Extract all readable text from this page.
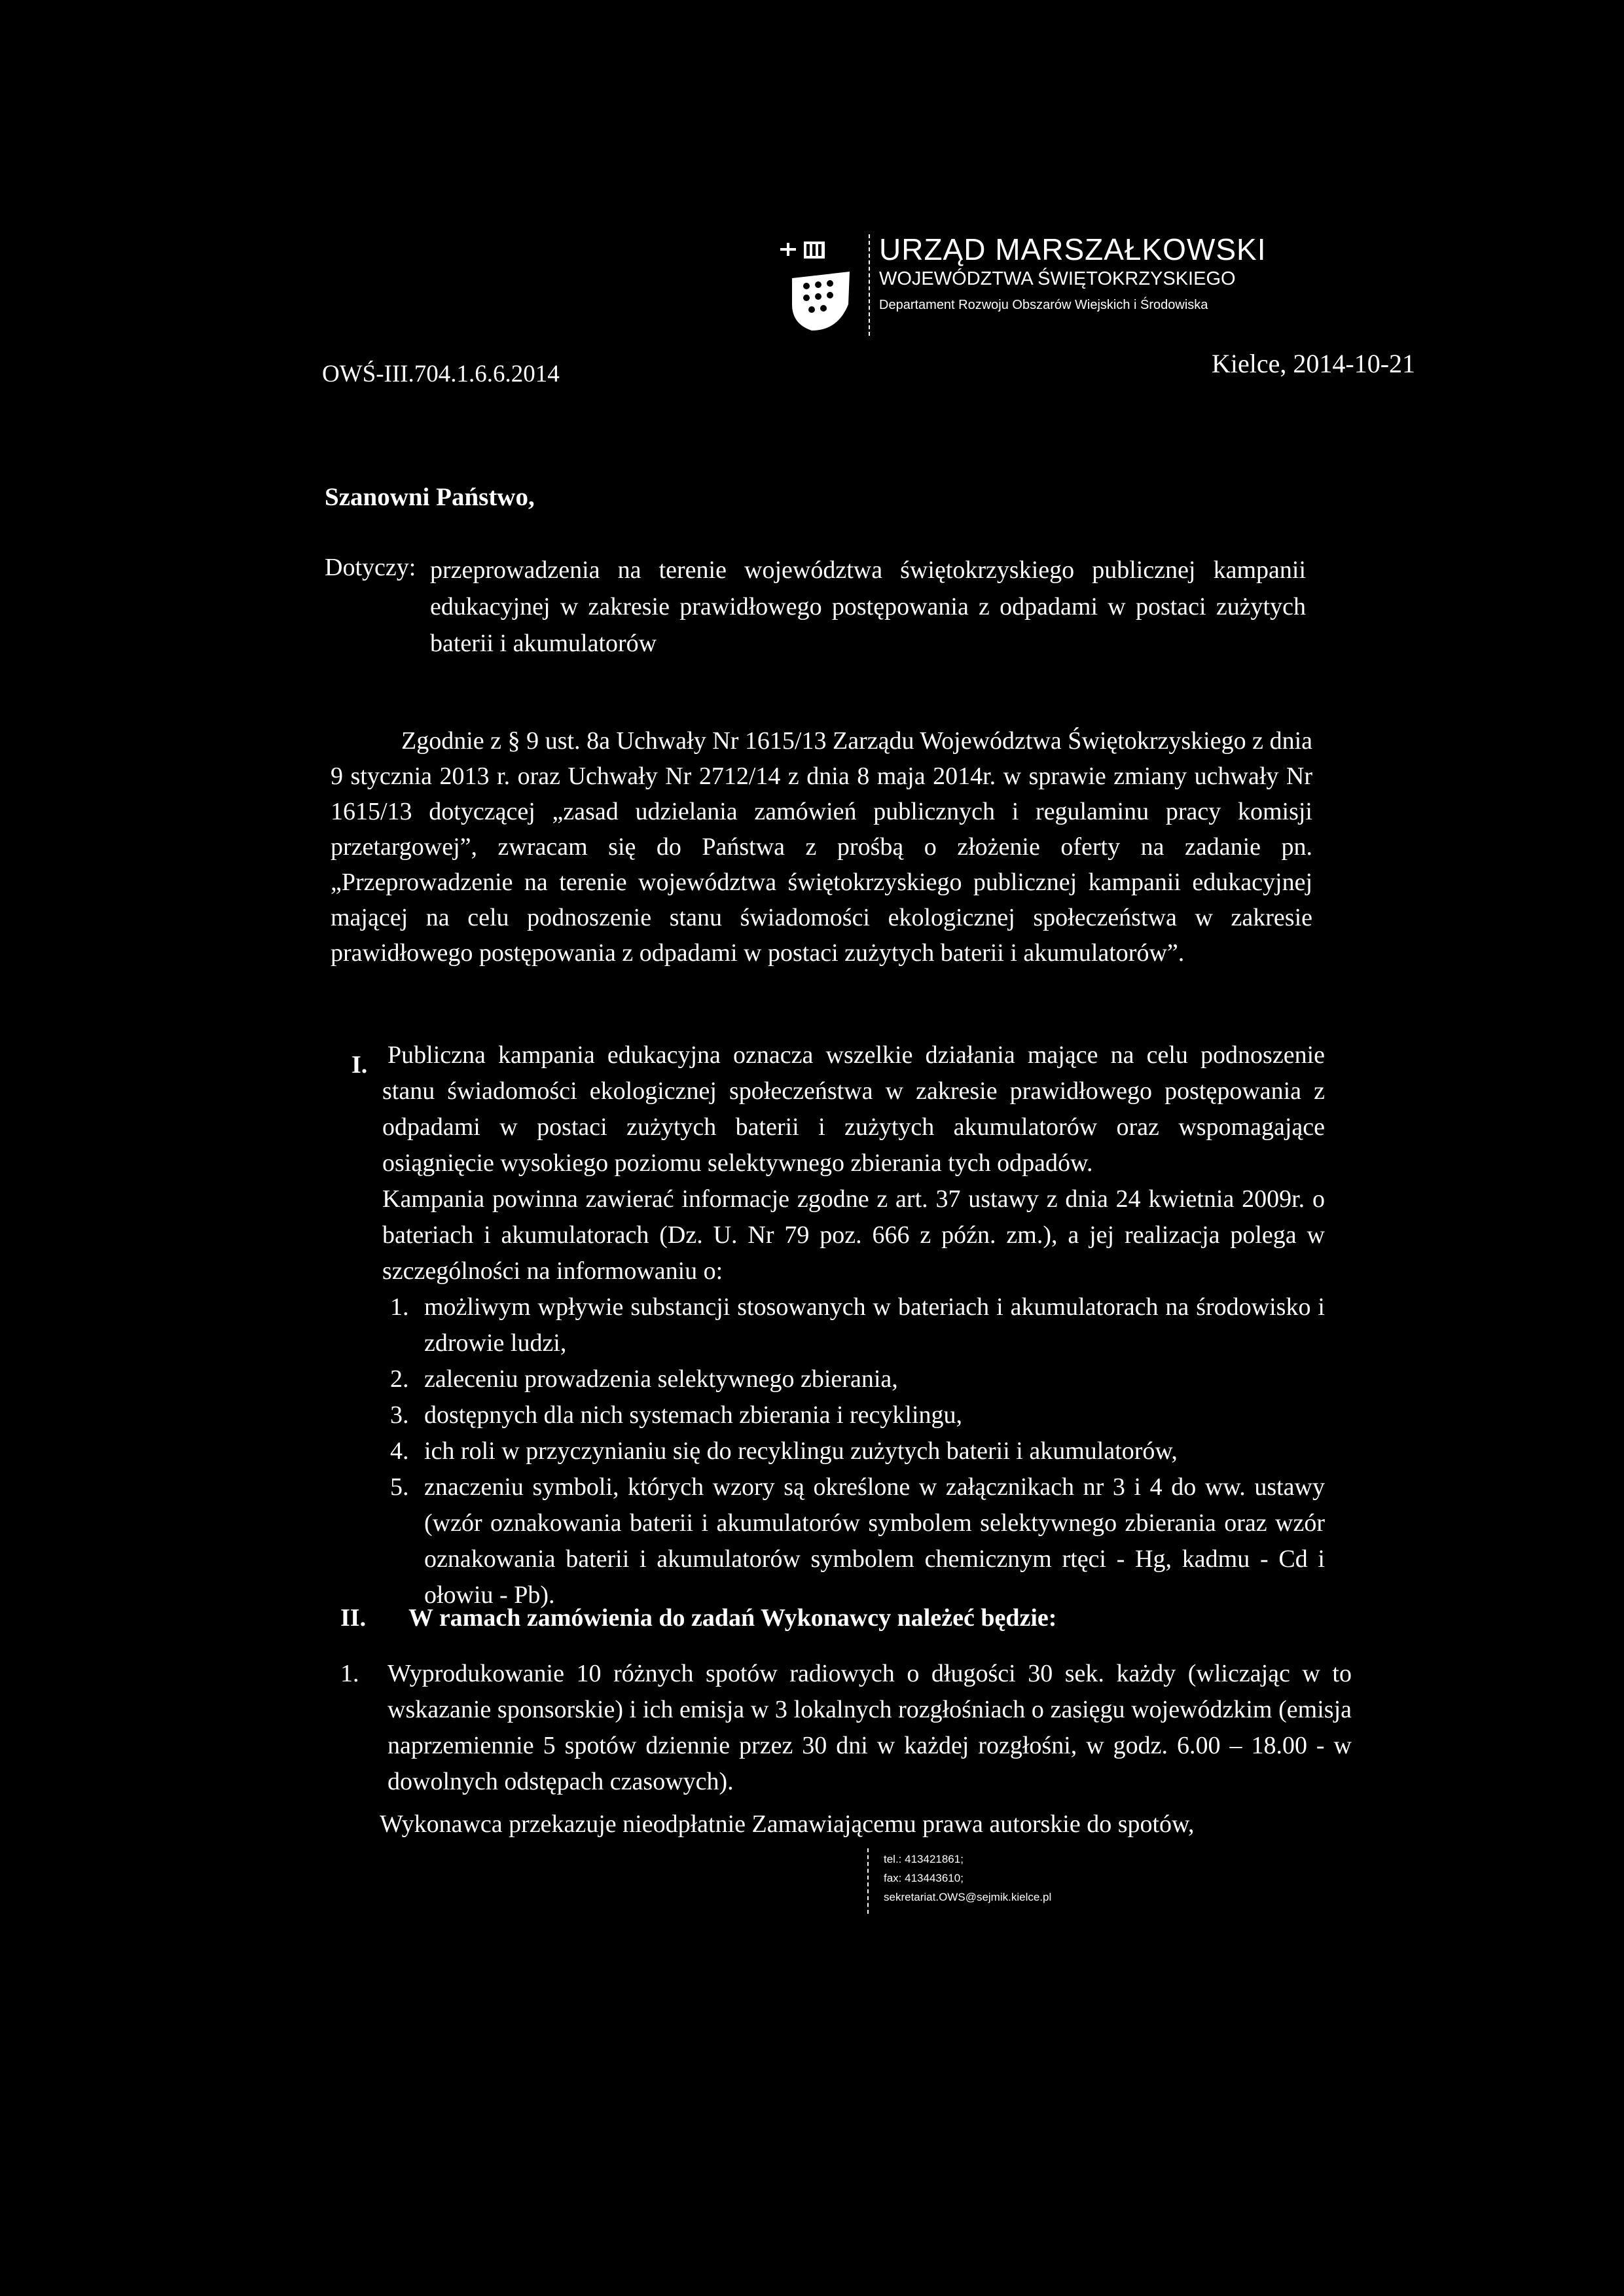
URZĄD MARSZAŁKOWSKI
WOJEWÓDZTWA ŚWIĘTOKRZYSKIEGO
Departament Rozwoju Obszarów Wiejskich i Środowiska
OWŚ-III.704.1.6.6.2014	Kielce, 2014-10-21
Szanowni Państwo,
Dotyczy: przeprowadzenia na terenie województwa świętokrzyskiego publicznej kampanii edukacyjnej w zakresie prawidłowego postępowania z odpadami w postaci zużytych baterii i akumulatorów
Zgodnie z § 9 ust. 8a Uchwały Nr 1615/13 Zarządu Województwa Świętokrzyskiego z dnia 9 stycznia 2013 r. oraz Uchwały Nr 2712/14 z dnia 8 maja 2014r. w sprawie zmiany uchwały Nr 1615/13 dotyczącej „zasad udzielania zamówień publicznych i regulaminu pracy komisji przetargowej”, zwracam się do Państwa z prośbą o złożenie oferty na zadanie pn. „Przeprowadzenie na terenie województwa świętokrzyskiego publicznej kampanii edukacyjnej mającej na celu podnoszenie stanu świadomości ekologicznej społeczeństwa w zakresie prawidłowego postępowania z odpadami w postaci zużytych baterii i akumulatorów”.
I. Publiczna kampania edukacyjna oznacza wszelkie działania mające na celu podnoszenie stanu świadomości ekologicznej społeczeństwa w zakresie prawidłowego postępowania z odpadami w postaci zużytych baterii i zużytych akumulatorów oraz wspomagające osiągnięcie wysokiego poziomu selektywnego zbierania tych odpadów.
Kampania powinna zawierać informacje zgodne z art. 37 ustawy z dnia 24 kwietnia 2009r. o bateriach i akumulatorach (Dz. U. Nr 79 poz. 666 z późn. zm.), a jej realizacja polega w szczególności na informowaniu o:
1. możliwym wpływie substancji stosowanych w bateriach i akumulatorach na środowisko i zdrowie ludzi,
2. zaleceniu prowadzenia selektywnego zbierania,
3. dostępnych dla nich systemach zbierania i recyklingu,
4. ich roli w przyczynianiu się do recyklingu zużytych baterii i akumulatorów,
5. znaczeniu symboli, których wzory są określone w załącznikach nr 3 i 4 do ww. ustawy (wzór oznakowania baterii i akumulatorów symbolem selektywnego zbierania oraz wzór oznakowania baterii i akumulatorów symbolem chemicznym rtęci - Hg, kadmu - Cd i ołowiu - Pb).
II. W ramach zamówienia do zadań Wykonawcy należeć będzie:
1. Wyprodukowanie 10 różnych spotów radiowych o długości 30 sek. każdy (wliczając w to wskazanie sponsorskie) i ich emisja w 3 lokalnych rozgłośniach o zasięgu wojewódzkim (emisja naprzemiennie 5 spotów dziennie przez 30 dni w każdej rozgłośni, w godz. 6.00 – 18.00 - w dowolnych odstępach czasowych).
Wykonawca przekazuje nieodpłatnie Zamawiającemu prawa autorskie do spotów,
tel.: 413421861;
fax: 413443610;
sekretariat.OWS@sejmik.kielce.pl
